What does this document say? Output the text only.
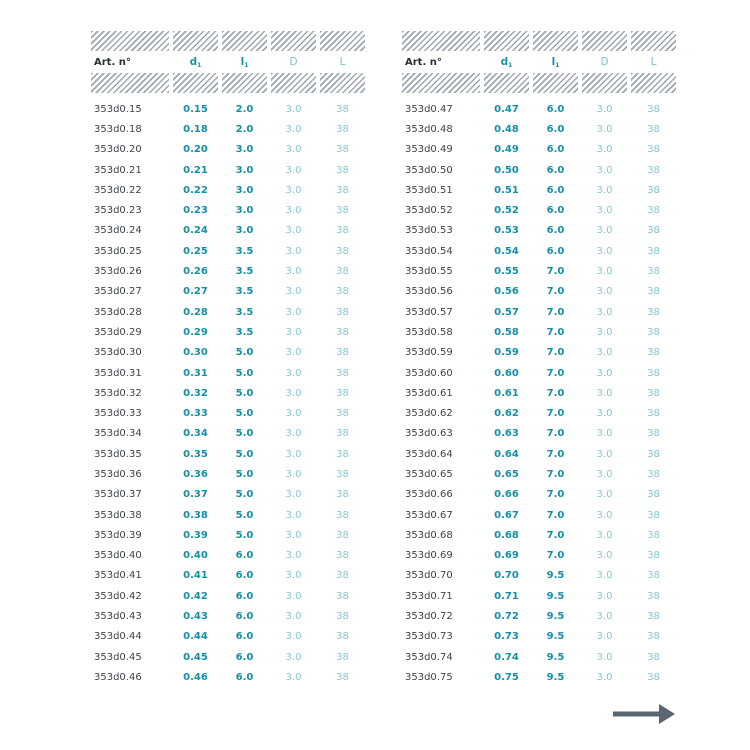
Art. n°	$d_1$	$l_1$	D	L

353d0.15	0.15	2.0	3.0	38
353d0.18	0.18	2.0	3.0	38
353d0.20	0.20	3.0	3.0	38
353d0.21	0.21	3.0	3.0	38
353d0.22	0.22	3.0	3.0	38
353d0.23	0.23	3.0	3.0	38
353d0.24	0.24	3.0	3.0	38
353d0.25	0.25	3.5	3.0	38
353d0.26	0.26	3.5	3.0	38
353d0.27	0.27	3.5	3.0	38
353d0.28	0.28	3.5	3.0	38
353d0.29	0.29	3.5	3.0	38
353d0.30	0.30	5.0	3.0	38
353d0.31	0.31	5.0	3.0	38
353d0.32	0.32	5.0	3.0	38
353d0.33	0.33	5.0	3.0	38
353d0.34	0.34	5.0	3.0	38
353d0.35	0.35	5.0	3.0	38
353d0.36	0.36	5.0	3.0	38
353d0.37	0.37	5.0	3.0	38
353d0.38	0.38	5.0	3.0	38
353d0.39	0.39	5.0	3.0	38
353d0.40	0.40	6.0	3.0	38
353d0.41	0.41	6.0	3.0	38
353d0.42	0.42	6.0	3.0	38
353d0.43	0.43	6.0	3.0	38
353d0.44	0.44	6.0	3.0	38
353d0.45	0.45	6.0	3.0	38
353d0.46	0.46	6.0	3.0	38

Art. n°	$d_1$	$l_1$	D	L

353d0.47	0.47	6.0	3.0	38
353d0.48	0.48	6.0	3.0	38
353d0.49	0.49	6.0	3.0	38
353d0.50	0.50	6.0	3.0	38
353d0.51	0.51	6.0	3.0	38
353d0.52	0.52	6.0	3.0	38
353d0.53	0.53	6.0	3.0	38
353d0.54	0.54	6.0	3.0	38
353d0.55	0.55	7.0	3.0	38
353d0.56	0.56	7.0	3.0	38
353d0.57	0.57	7.0	3.0	38
353d0.58	0.58	7.0	3.0	38
353d0.59	0.59	7.0	3.0	38
353d0.60	0.60	7.0	3.0	38
353d0.61	0.61	7.0	3.0	38
353d0.62	0.62	7.0	3.0	38
353d0.63	0.63	7.0	3.0	38
353d0.64	0.64	7.0	3.0	38
353d0.65	0.65	7.0	3.0	38
353d0.66	0.66	7.0	3.0	38
353d0.67	0.67	7.0	3.0	38
353d0.68	0.68	7.0	3.0	38
353d0.69	0.69	7.0	3.0	38
353d0.70	0.70	9.5	3.0	38
353d0.71	0.71	9.5	3.0	38
353d0.72	0.72	9.5	3.0	38
353d0.73	0.73	9.5	3.0	38
353d0.74	0.74	9.5	3.0	38
353d0.75	0.75	9.5	3.0	38
